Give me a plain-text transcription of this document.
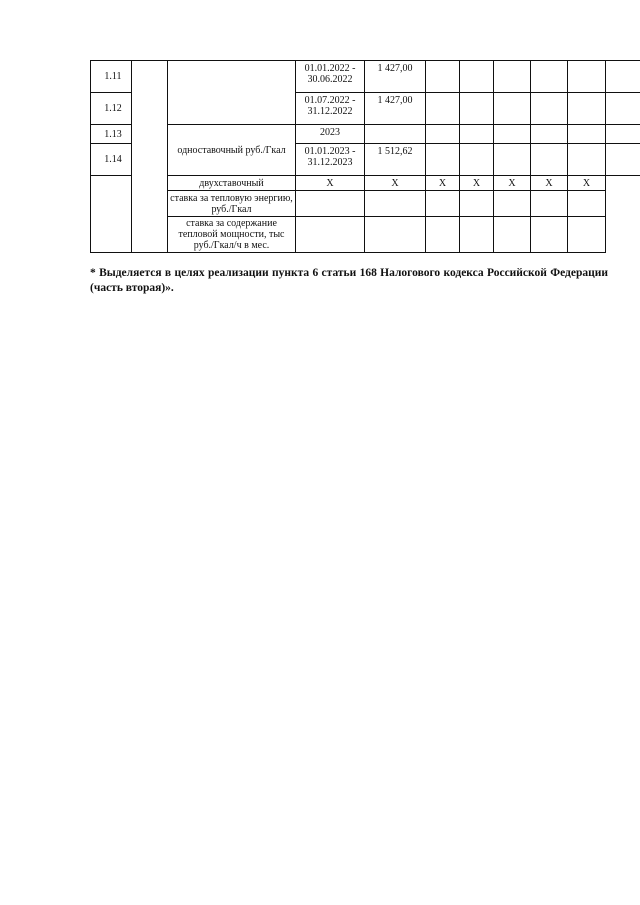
1.11			01.01.2022 - 30.06.2022	1 427,00						
1.12			01.07.2022 - 31.12.2022	1 427,00						
1.13		одноставочный руб./Гкал	2023							
1.14			01.01.2023 - 31.12.2023	1 512,62						
		двухставочный	X	X	X	X	X	X	X	
		ставка за тепловую энергию, руб./Гкал								
		ставка за содержание тепловой мощности, тыс руб./Гкал/ч в мес.								
* Выделяется в целях реализации пункта 6 статьи 168 Налогового кодекса Российской Федерации (часть вторая)».
